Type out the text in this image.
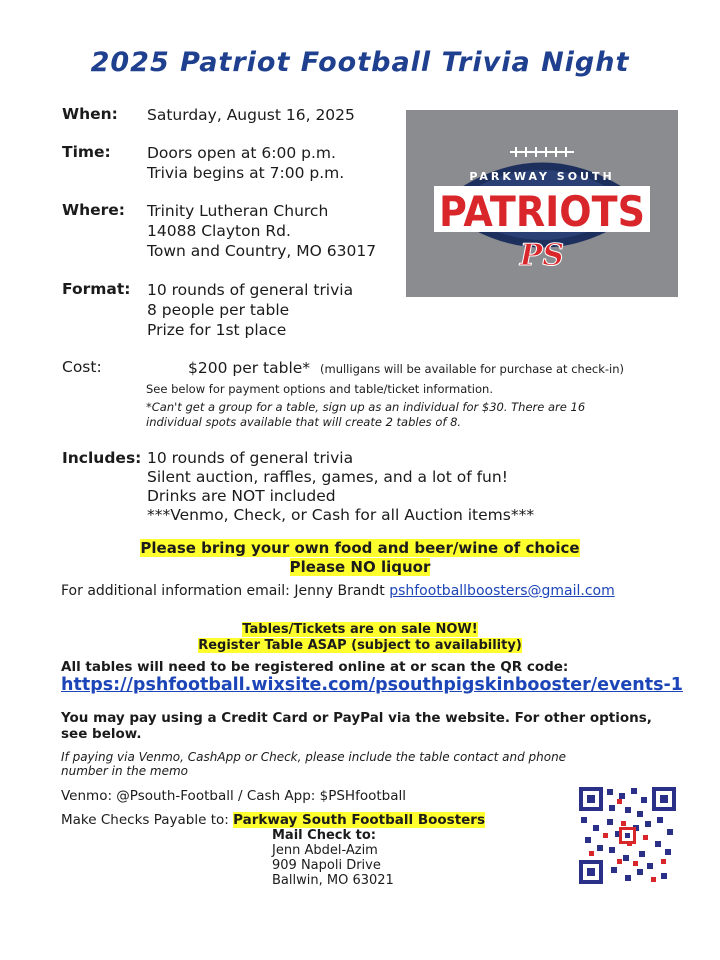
2025 Patriot Football Trivia Night
When: Saturday, August 16, 2025
Time: Doors open at 6:00 p.m.
Trivia begins at 7:00 p.m.
Where: Trinity Lutheran Church
14088 Clayton Rd.
Town and Country, MO 63017
Format: 10 rounds of general trivia
8 people per table
Prize for 1st place
PARKWAY SOUTH
PATRIOTS
PS
Cost:	$200 per table* (mulligans will be available for purchase at check-in)
See below for payment options and table/ticket information.
*Can't get a group for a table, sign up as an individual for $30. There are 16
individual spots available that will create 2 tables of 8.
Includes: 10 rounds of general trivia
Silent auction, raffles, games, and a lot of fun!
Drinks are NOT included
***Venmo, Check, or Cash for all Auction items***
Please bring your own food and beer/wine of choice
Please NO liquor
For additional information email: Jenny Brandt pshfootballboosters@gmail.com
Tables/Tickets are on sale NOW!
Register Table ASAP (subject to availability)
All tables will need to be registered online at or scan the QR code:
https://pshfootball.wixsite.com/psouthpigskinbooster/events-1
You may pay using a Credit Card or PayPal via the website. For other options,
see below.
If paying via Venmo, CashApp or Check, please include the table contact and phone
number in the memo
Venmo: @Psouth-Football / Cash App: $PSHfootball
Make Checks Payable to: Parkway South Football Boosters
Mail Check to:
Jenn Abdel-Azim
909 Napoli Drive
Ballwin, MO 63021
